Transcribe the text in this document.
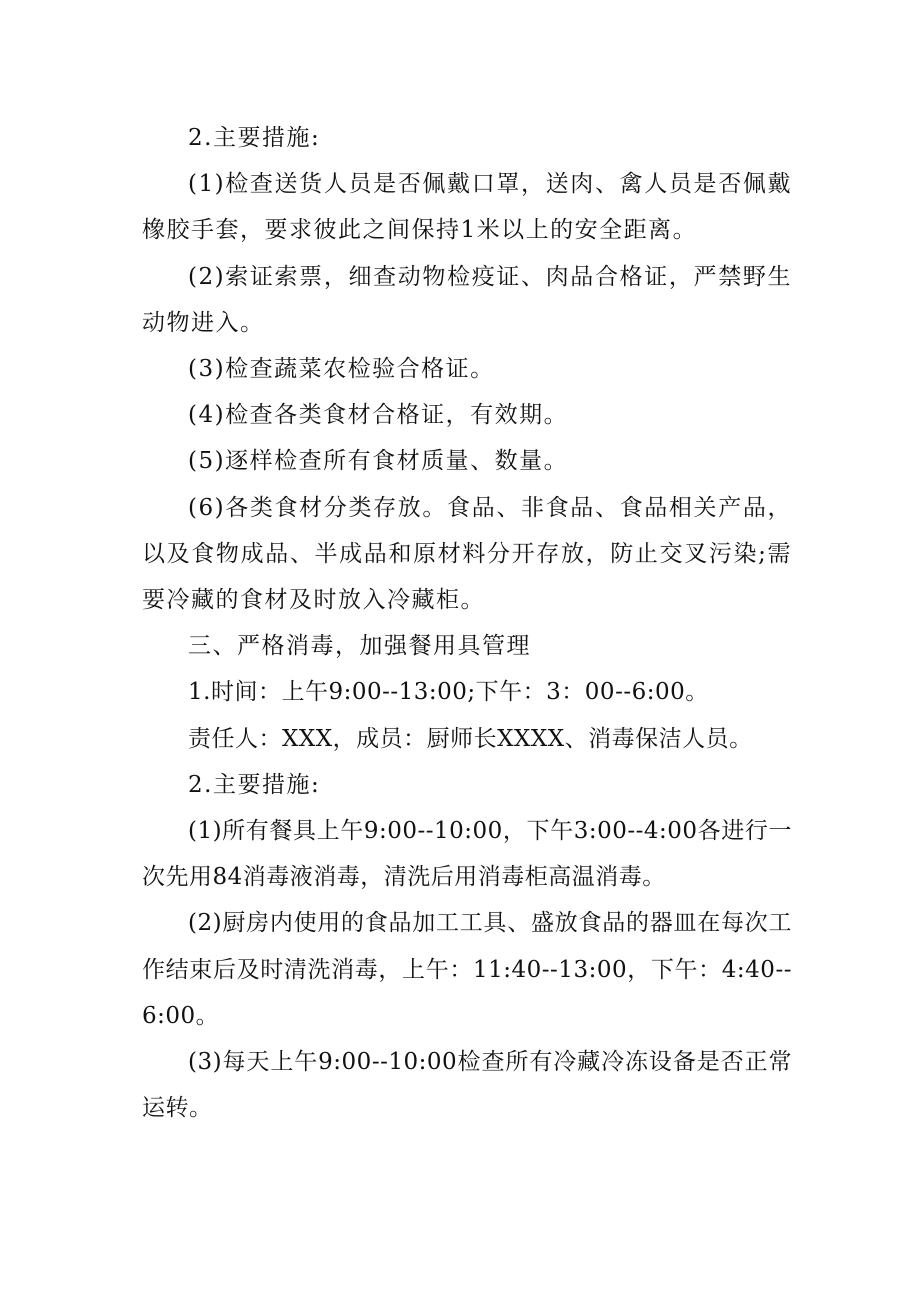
2.主要措施:

(1)检查送货人员是否佩戴口罩，送肉、禽人员是否佩戴橡胶手套，要求彼此之间保持1米以上的安全距离。

(2)索证索票，细查动物检疫证、肉品合格证，严禁野生动物进入。

(3)检查蔬菜农检验合格证。

(4)检查各类食材合格证，有效期。

(5)逐样检查所有食材质量、数量。

(6)各类食材分类存放。食品、非食品、食品相关产品，以及食物成品、半成品和原材料分开存放，防止交叉污染;需要冷藏的食材及时放入冷藏柜。

三、严格消毒，加强餐用具管理

1.时间：上午9:00--13:00;下午：3：00--6:00。

责任人：XXX，成员：厨师长XXXX、消毒保洁人员。

2.主要措施:

(1)所有餐具上午9:00--10:00，下午3:00--4:00各进行一次先用84消毒液消毒，清洗后用消毒柜高温消毒。

(2)厨房内使用的食品加工工具、盛放食品的器皿在每次工作结束后及时清洗消毒，上午：11:40--13:00，下午：4:40--6:00。

(3)每天上午9:00--10:00检查所有冷藏冷冻设备是否正常运转。
